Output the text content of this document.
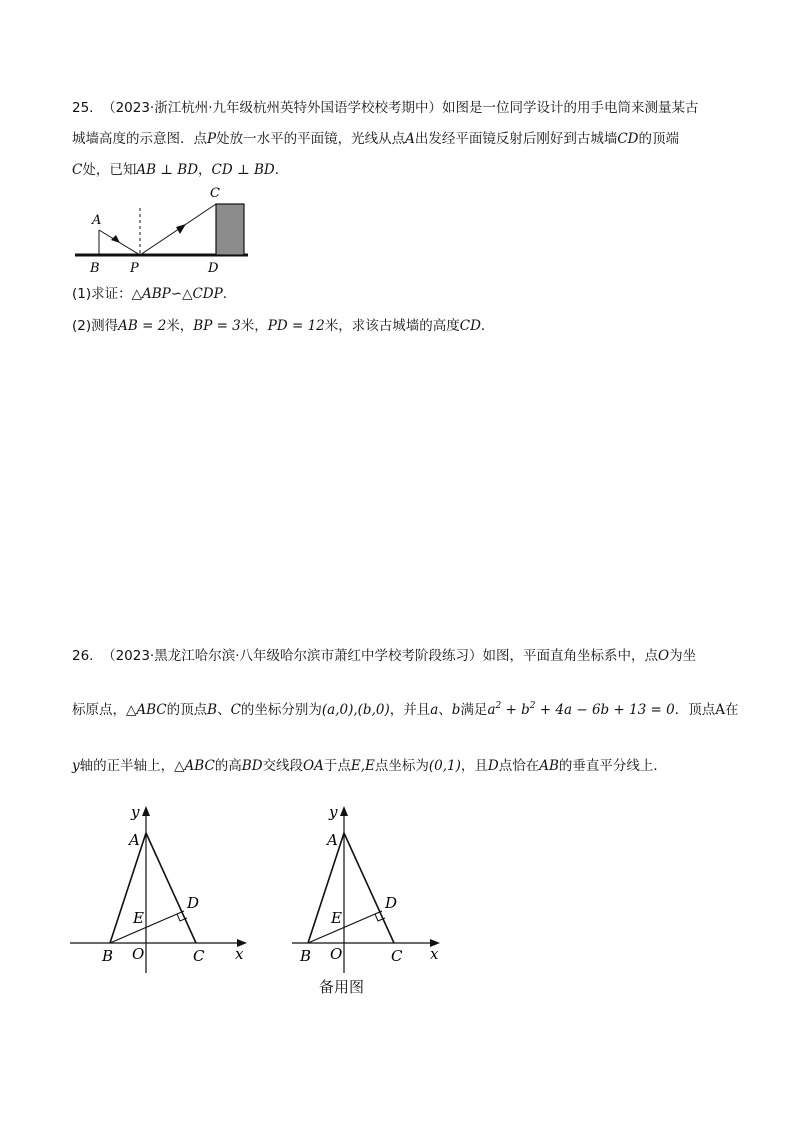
25. （2023·浙江杭州·九年级杭州英特外国语学校校考期中）如图是一位同学设计的用手电筒来测量某古
城墙高度的示意图．点P处放一水平的平面镜，光线从点A出发经平面镜反射后刚好到古城墙CD的顶端
C处，已知AB ⊥ BD，CD ⊥ BD．
A
C
B P	D
(1)求证：△ABP∽△CDP．
(2)测得AB = 2米，BP = 3米，PD = 12米，求该古城墙的高度CD．
26. （2023·黑龙江哈尔滨·八年级哈尔滨市萧红中学校考阶段练习）如图，平面直角坐标系中，点O为坐
标原点，△ABC的顶点B、C的坐标分别为(a,0),(b,0)，并且a、b满足$a^2 + b^2 + 4a - 6b + 13 = 0$．顶点A在
y轴的正半轴上，△ABC的高BD交线段OA于点E,E点坐标为(0,1)，且D点恰在AB的垂直平分线上．
y
A
D
E
B O	C x
y
A
D
E
B O	C x
备用图
